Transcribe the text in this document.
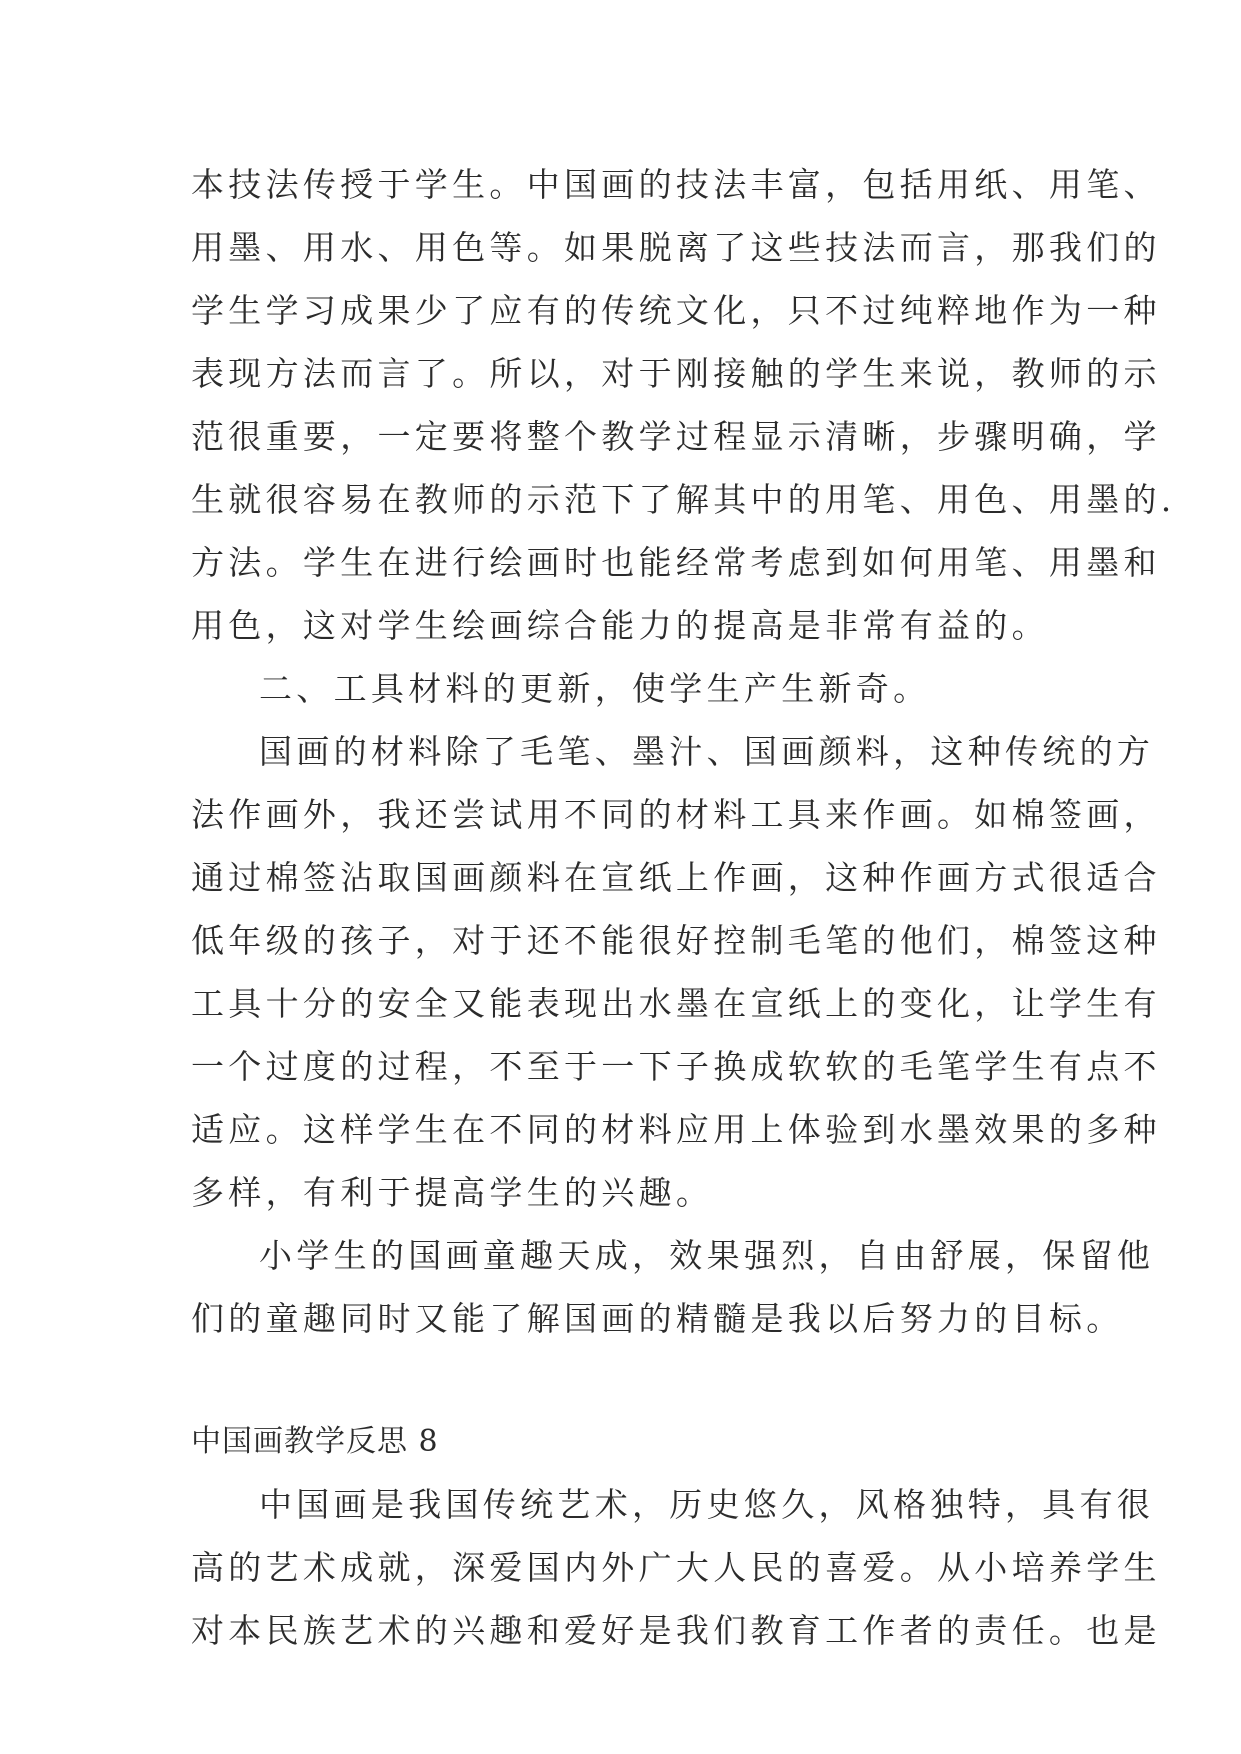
本技法传授于学生。中国画的技法丰富，包括用纸、用笔、
用墨、用水、用色等。如果脱离了这些技法而言，那我们的
学生学习成果少了应有的传统文化，只不过纯粹地作为一种
表现方法而言了。所以，对于刚接触的学生来说，教师的示
范很重要，一定要将整个教学过程显示清晰，步骤明确，学
生就很容易在教师的示范下了解其中的用笔、用色、用墨的.
方法。学生在进行绘画时也能经常考虑到如何用笔、用墨和
用色，这对学生绘画综合能力的提高是非常有益的。
二、工具材料的更新，使学生产生新奇。
国画的材料除了毛笔、墨汁、国画颜料，这种传统的方
法作画外，我还尝试用不同的材料工具来作画。如棉签画，
通过棉签沾取国画颜料在宣纸上作画，这种作画方式很适合
低年级的孩子，对于还不能很好控制毛笔的他们，棉签这种
工具十分的安全又能表现出水墨在宣纸上的变化，让学生有
一个过度的过程，不至于一下子换成软软的毛笔学生有点不
适应。这样学生在不同的材料应用上体验到水墨效果的多种
多样，有利于提高学生的兴趣。
小学生的国画童趣天成，效果强烈，自由舒展，保留他
们的童趣同时又能了解国画的精髓是我以后努力的目标。
中国画教学反思 8
中国画是我国传统艺术，历史悠久，风格独特，具有很
高的艺术成就，深爱国内外广大人民的喜爱。从小培养学生
对本民族艺术的兴趣和爱好是我们教育工作者的责任。也是
